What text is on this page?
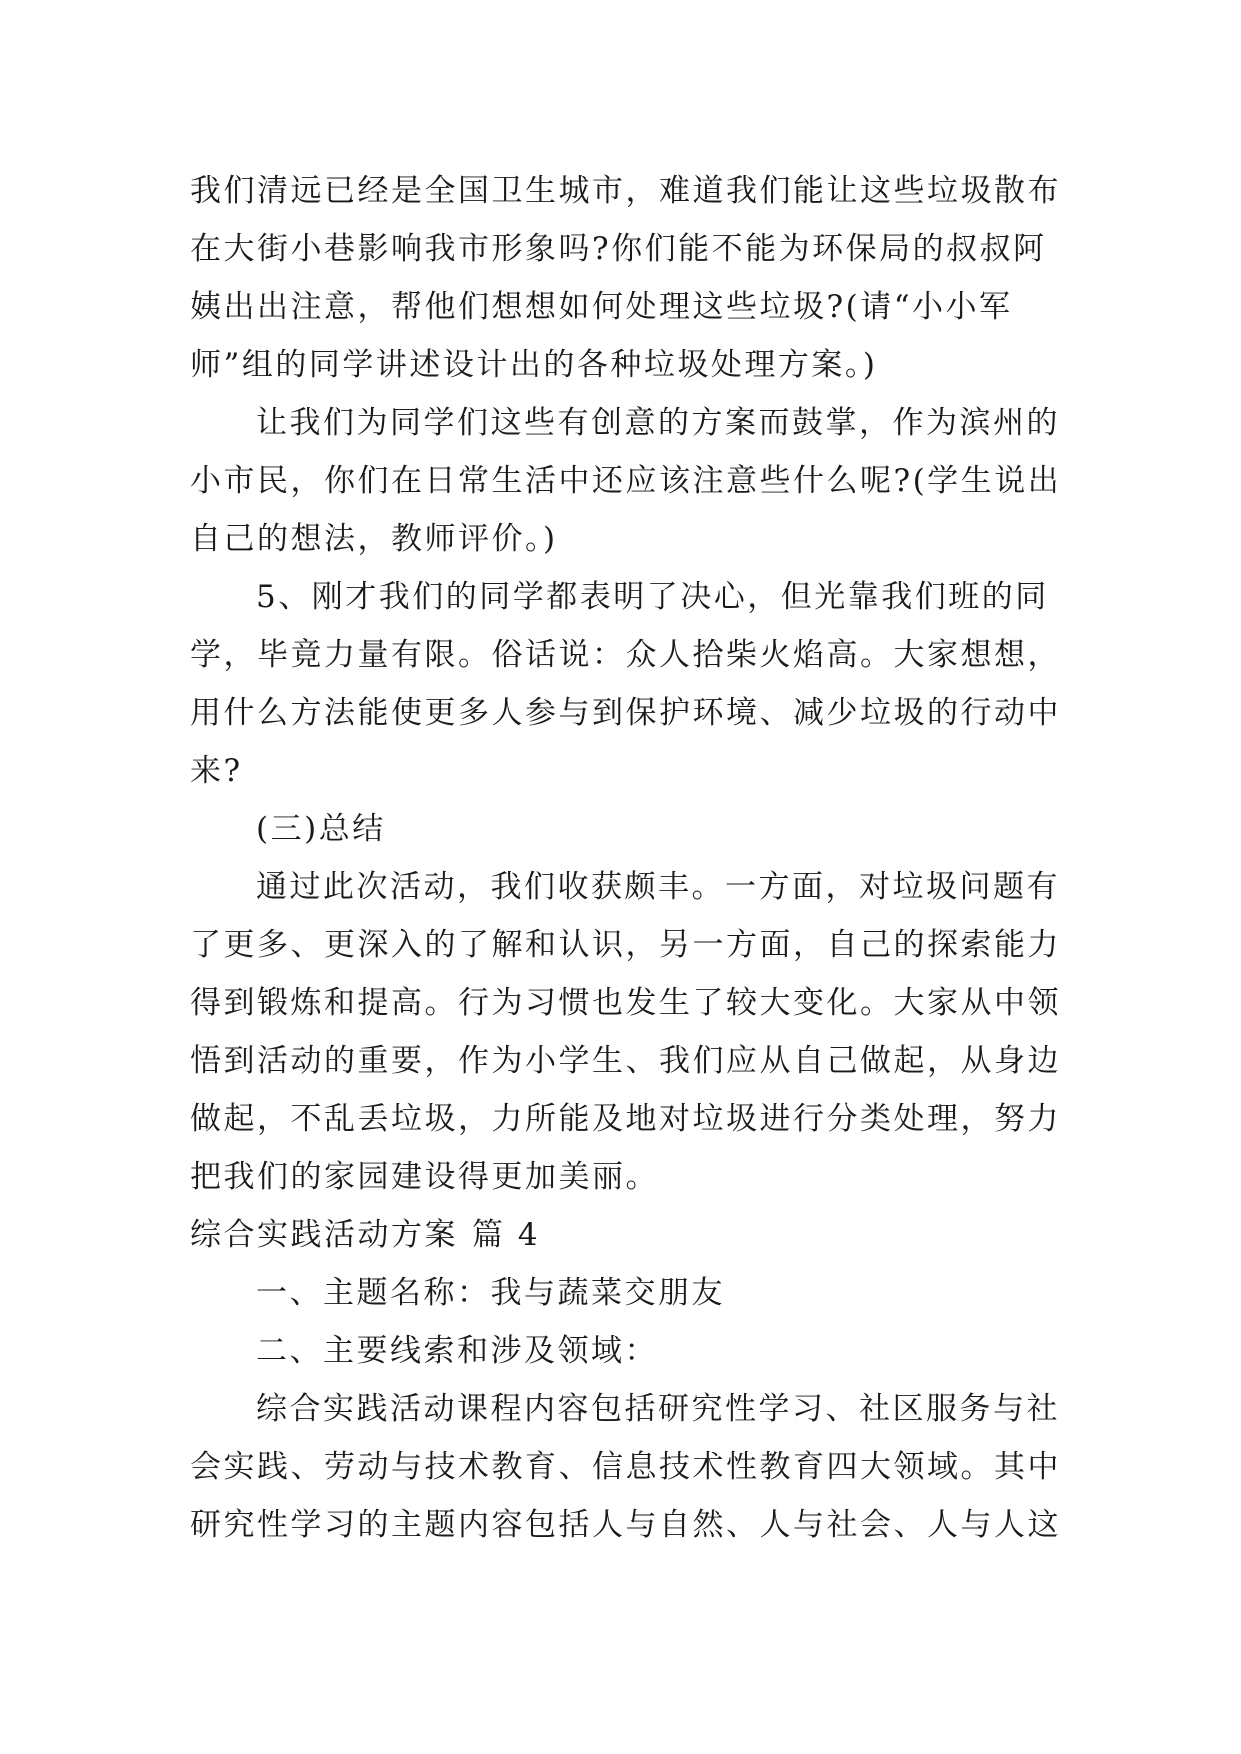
我们清远已经是全国卫生城市，难道我们能让这些垃圾散布在大街小巷影响我市形象吗?你们能不能为环保局的叔叔阿姨出出注意，帮他们想想如何处理这些垃圾?(请“小小军师”组的同学讲述设计出的各种垃圾处理方案。)

让我们为同学们这些有创意的方案而鼓掌，作为滨州的小市民，你们在日常生活中还应该注意些什么呢?(学生说出自己的想法，教师评价。)

5、刚才我们的同学都表明了决心，但光靠我们班的同学，毕竟力量有限。俗话说：众人拾柴火焰高。大家想想，用什么方法能使更多人参与到保护环境、减少垃圾的行动中来?

(三)总结

通过此次活动，我们收获颇丰。一方面，对垃圾问题有了更多、更深入的了解和认识，另一方面，自己的探索能力得到锻炼和提高。行为习惯也发生了较大变化。大家从中领悟到活动的重要，作为小学生、我们应从自己做起，从身边做起，不乱丢垃圾，力所能及地对垃圾进行分类处理，努力把我们的家园建设得更加美丽。

综合实践活动方案 篇 4

一、主题名称：我与蔬菜交朋友

二、主要线索和涉及领域：

综合实践活动课程内容包括研究性学习、社区服务与社会实践、劳动与技术教育、信息技术性教育四大领域。其中研究性学习的主题内容包括人与自然、人与社会、人与人这
